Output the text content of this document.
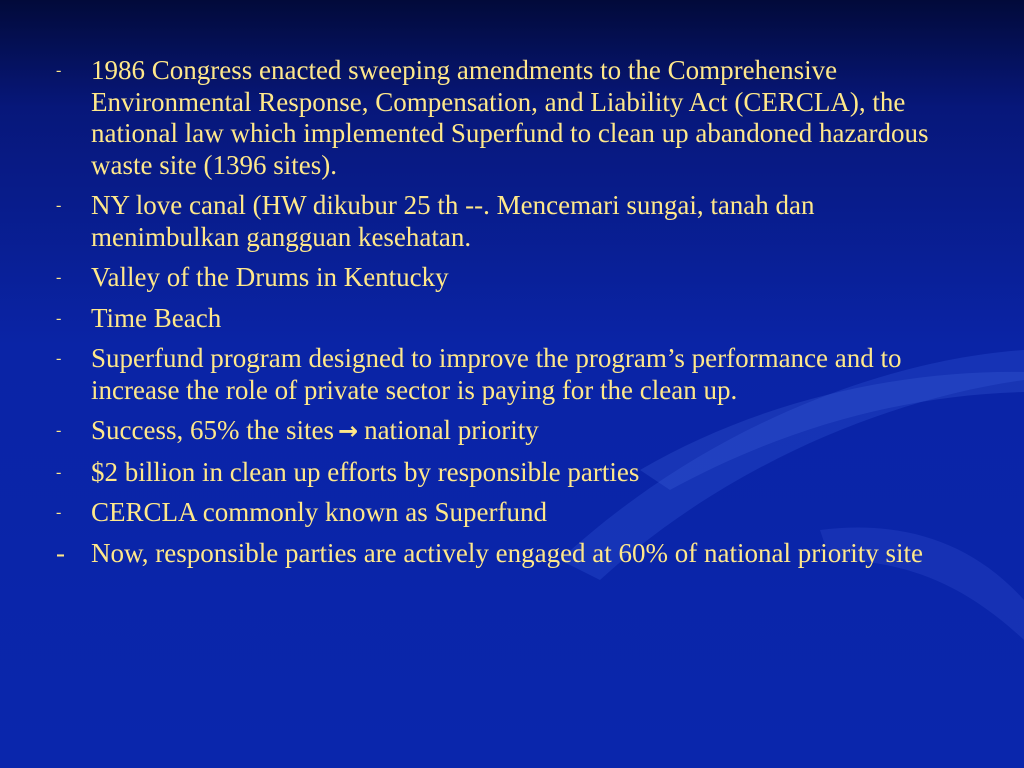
-	1986 Congress enacted sweeping amendments to the Comprehensive Environmental Response, Compensation, and Liability Act (CERCLA), the national law which implemented Superfund to clean up abandoned hazardous waste site (1396 sites).
-	NY love canal (HW dikubur 25 th --. Mencemari sungai, tanah dan menimbulkan gangguan kesehatan.
-	Valley of the Drums in Kentucky
-	Time Beach
-	Superfund program designed to improve the program’s performance and to increase the role of private sector is paying for the clean up.
-	Success, 65% the sites → national priority
-	$2 billion in clean up efforts by responsible parties
-	CERCLA commonly known as Superfund
- Now, responsible parties are actively engaged at 60% of national priority site
